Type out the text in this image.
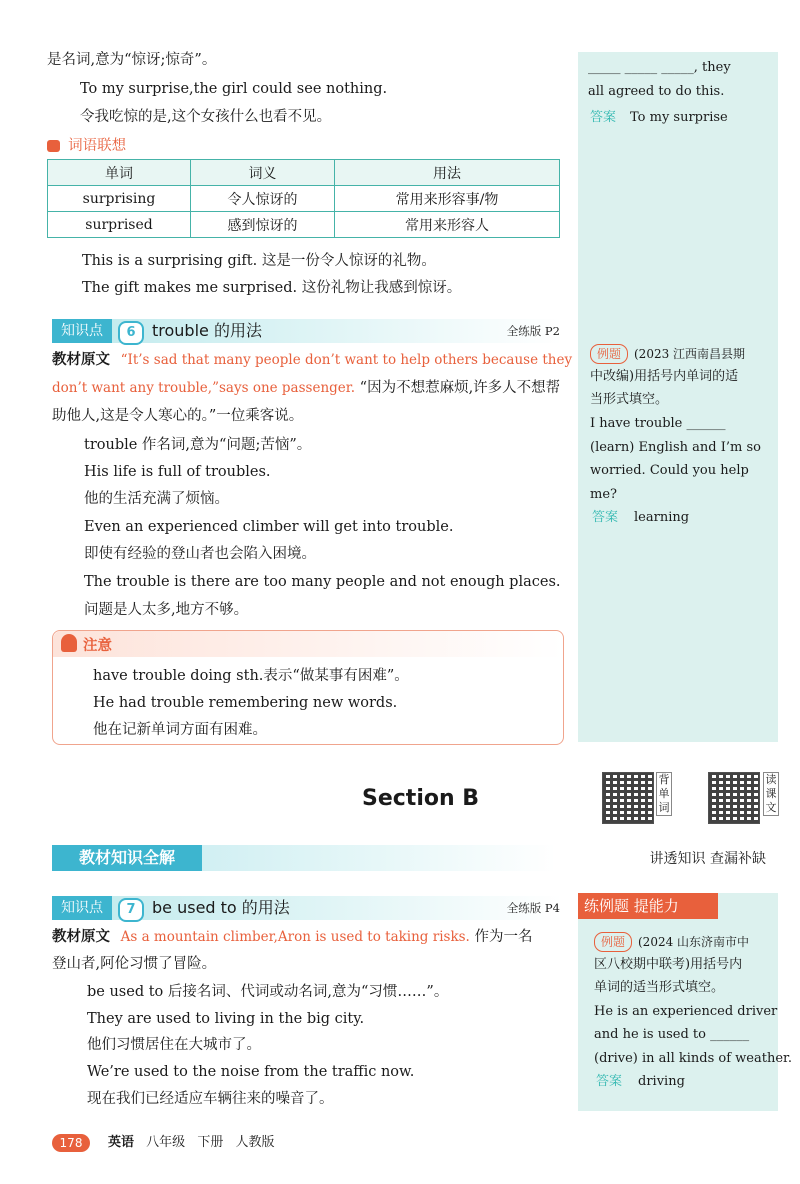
_____ _____ _____, they
all agreed to do this.
答案 To my surprise
例题	(2023 江西南昌县期
中改编)用括号内单词的适
当形式填空。
I have trouble ______
(learn) English and I’m so
worried. Could you help
me?
答案 learning
是名词,意为“惊讶;惊奇”。
To my surprise,the girl could see nothing.
令我吃惊的是,这个女孩什么也看不见。
词语联想
单词	词义	用法
surprising	令人惊讶的	常用来形容事/物
surprised	感到惊讶的	常用来形容人
This is a surprising gift. 这是一份令人惊讶的礼物。
The gift makes me surprised. 这份礼物让我感到惊讶。
知识点	6	trouble 的用法	全练版 P2
教材原文 “It’s sad that many people don’t want to help others because they
don’t want any trouble,”says one passenger. “因为不想惹麻烦,许多人不想帮
助他人,这是令人寒心的。”一位乘客说。
trouble 作名词,意为“问题;苦恼”。
His life is full of troubles.
他的生活充满了烦恼。
Even an experienced climber will get into trouble.
即使有经验的登山者也会陷入困境。
The trouble is there are too many people and not enough places.
问题是人太多,地方不够。
注意
have trouble doing sth.表示“做某事有困难”。
He had trouble remembering new words.
他在记新单词方面有困难。
Section B
背单词
读课文
教材知识全解	讲透知识 查漏补缺
知识点	7	be used to 的用法	全练版 P4
教材原文 As a mountain climber,Aron is used to taking risks. 作为一名
登山者,阿伦习惯了冒险。
be used to 后接名词、代词或动名词,意为“习惯……”。
They are used to living in the big city.
他们习惯居住在大城市了。
We’re used to the noise from the traffic now.
现在我们已经适应车辆往来的噪音了。
练例题 提能力
例题	(2024 山东济南市中
区八校期中联考)用括号内
单词的适当形式填空。
He is an experienced driver
and he is used to ______
(drive) in all kinds of weather.
答案 driving
178	英语 八年级 下册 人教版
